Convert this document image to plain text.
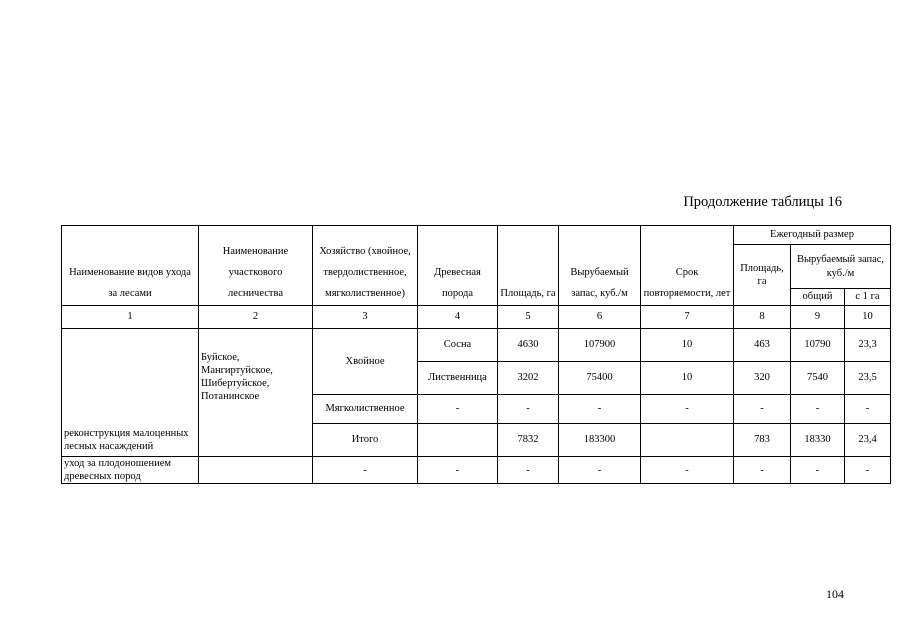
Продолжение таблицы 16
Наименование видов ухода за лесами	Наименование участкового лесничества	Хозяйство (хвойное, твердолиственное, мягколиственное)	Древесная порода	Площадь, га	Вырубаемый запас, куб./м	Срок повторяемости, лет	Ежегодный размер		
							Площадь, га	Вырубаемый запас, куб./м	
								общий	с 1 га
1	2	3	4	5	6	7	8	9	10
реконструкция малоценных лесных насаждений	Буйское, Мангиртуйское, Шибертуйское, Потанинское	Хвойное	Сосна	4630	107900	10	463	10790	23,3
			Лиственница	3202	75400	10	320	7540	23,5
		Мягколиственное	-	-	-	-	-	-	-
		Итого		7832	183300		783	18330	23,4
уход за плодоношением древесных пород		-	-	-	-	-	-	-	-
104
